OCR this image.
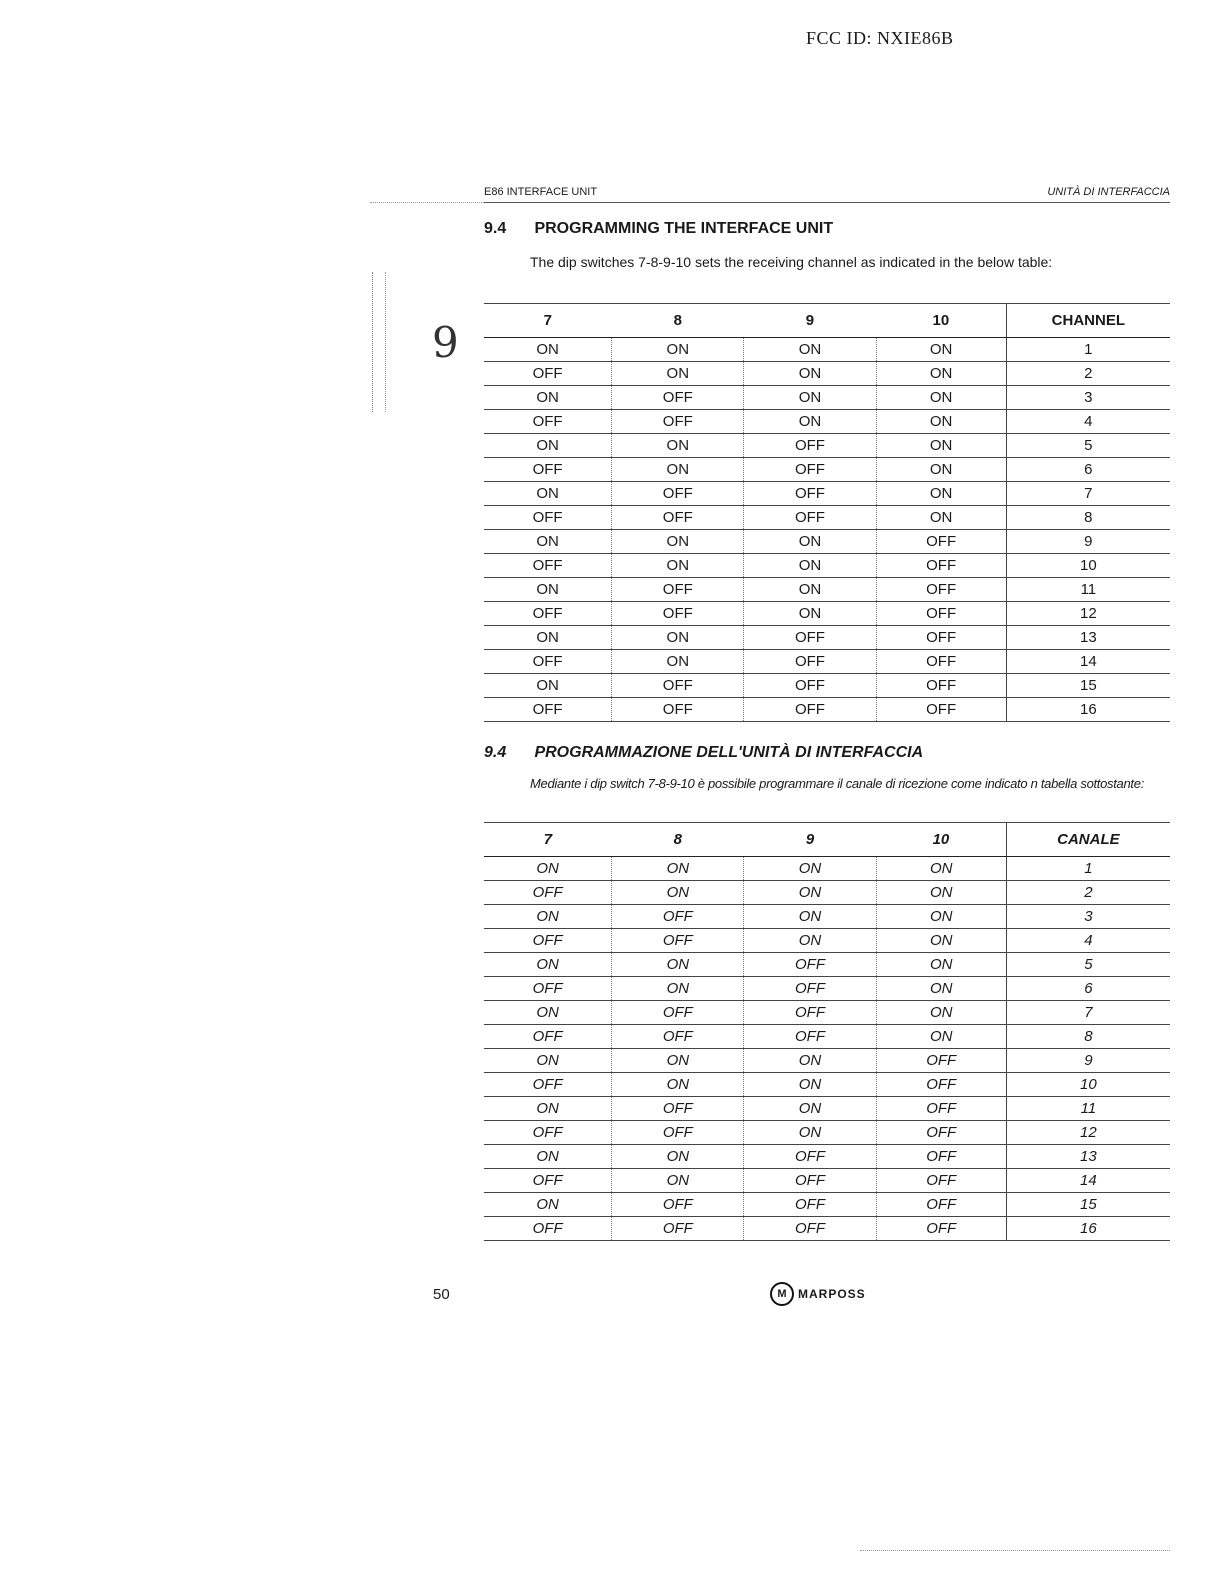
FCC ID: NXIE86B
E86 INTERFACE UNIT	UNITÀ DI INTERFACCIA
9
9.4 PROGRAMMING THE INTERFACE UNIT
The dip switches 7-8-9-10 sets the receiving channel as indicated in the below table:
7	8	9	10	CHANNEL
ON	ON	ON	ON	1
OFF	ON	ON	ON	2
ON	OFF	ON	ON	3
OFF	OFF	ON	ON	4
ON	ON	OFF	ON	5
OFF	ON	OFF	ON	6
ON	OFF	OFF	ON	7
OFF	OFF	OFF	ON	8
ON	ON	ON	OFF	9
OFF	ON	ON	OFF	10
ON	OFF	ON	OFF	11
OFF	OFF	ON	OFF	12
ON	ON	OFF	OFF	13
OFF	ON	OFF	OFF	14
ON	OFF	OFF	OFF	15
OFF	OFF	OFF	OFF	16
9.4 PROGRAMMAZIONE DELL'UNITÀ DI INTERFACCIA
Mediante i dip switch 7-8-9-10 è possibile programmare il canale di ricezione come indicato n tabella sottostante:
7	8	9	10	CANALE
ON	ON	ON	ON	1
OFF	ON	ON	ON	2
ON	OFF	ON	ON	3
OFF	OFF	ON	ON	4
ON	ON	OFF	ON	5
OFF	ON	OFF	ON	6
ON	OFF	OFF	ON	7
OFF	OFF	OFF	ON	8
ON	ON	ON	OFF	9
OFF	ON	ON	OFF	10
ON	OFF	ON	OFF	11
OFF	OFF	ON	OFF	12
ON	ON	OFF	OFF	13
OFF	ON	OFF	OFF	14
ON	OFF	OFF	OFF	15
OFF	OFF	OFF	OFF	16
50	M MARPOSS
